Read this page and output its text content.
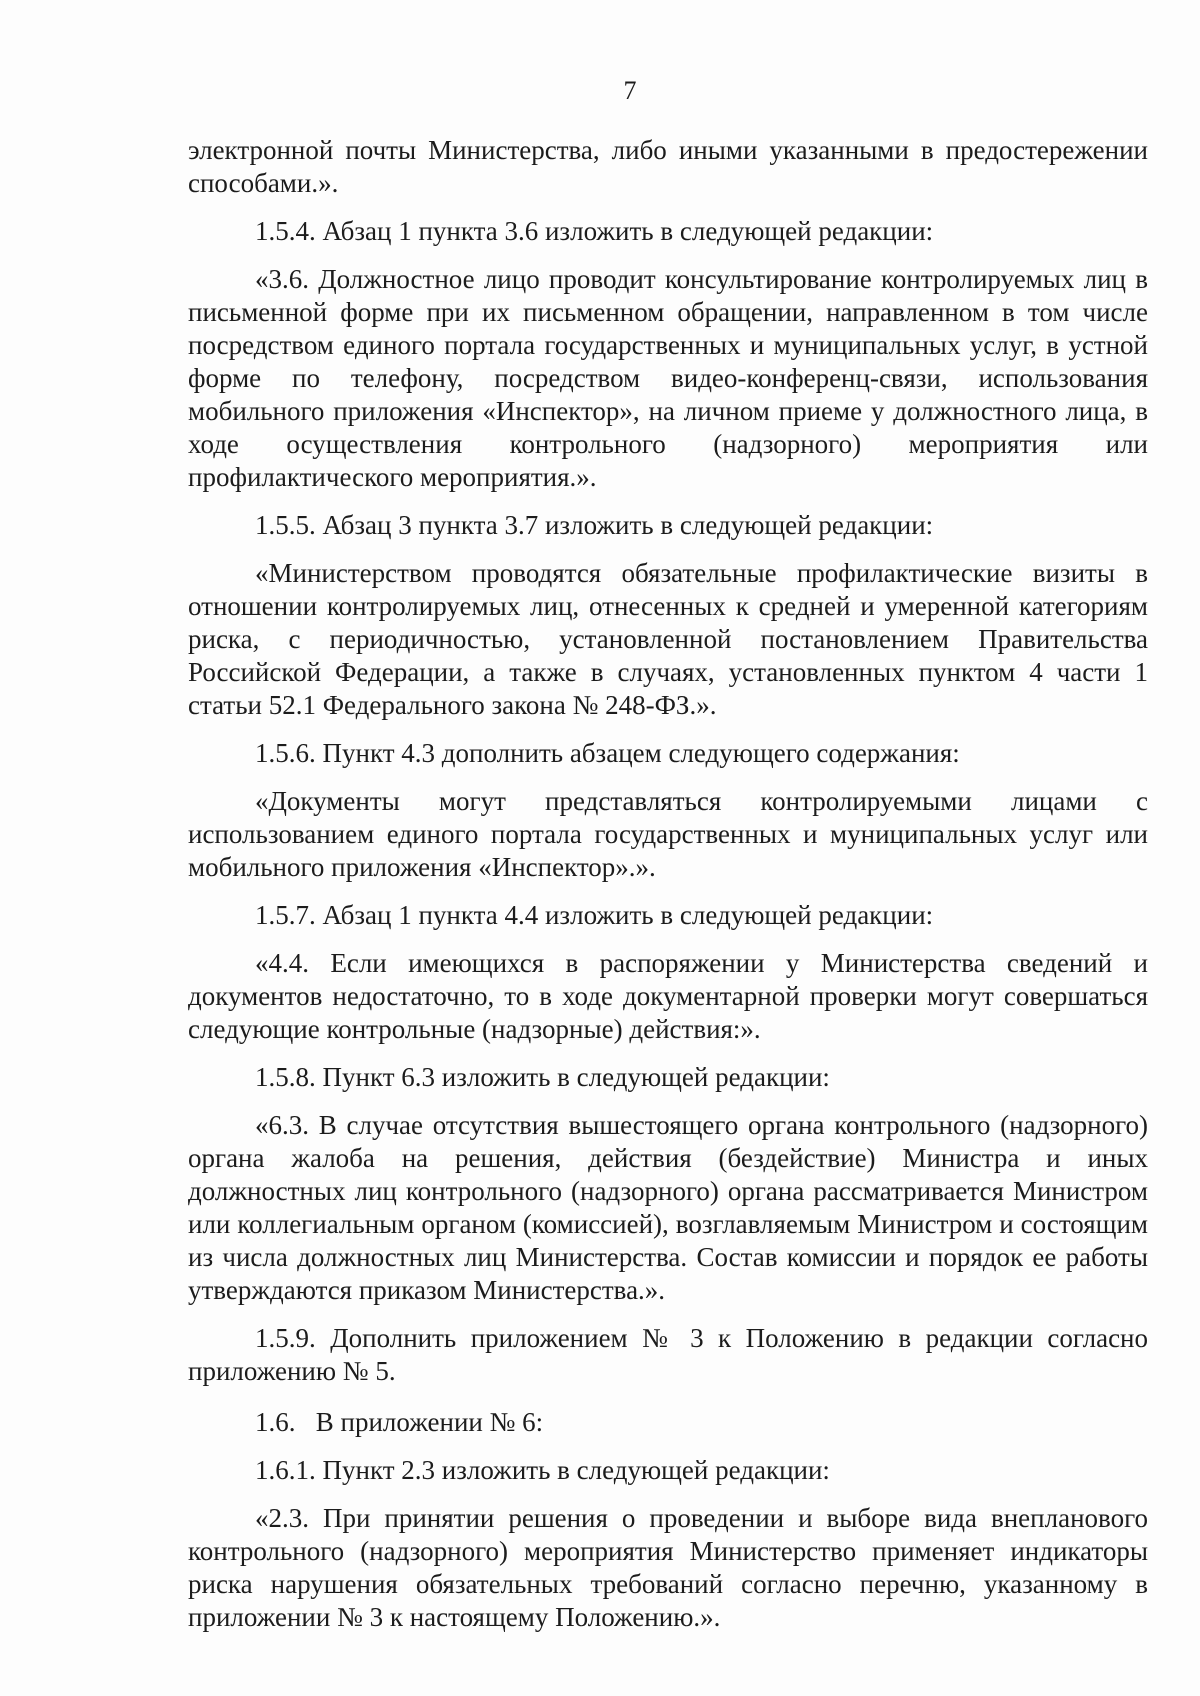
7

электронной почты Министерства, либо иными указанными в предостережении способами.».

1.5.4. Абзац 1 пункта 3.6 изложить в следующей редакции:

«3.6. Должностное лицо проводит консультирование контролируемых лиц в письменной форме при их письменном обращении, направленном в том числе посредством единого портала государственных и муниципальных услуг, в устной форме по телефону, посредством видео-конференц-связи, использования мобильного приложения «Инспектор», на личном приеме у должностного лица, в ходе осуществления контрольного (надзорного) мероприятия или профилактического мероприятия.».

1.5.5. Абзац 3 пункта 3.7 изложить в следующей редакции:

«Министерством проводятся обязательные профилактические визиты в отношении контролируемых лиц, отнесенных к средней и умеренной категориям риска, с периодичностью, установленной постановлением Правительства Российской Федерации, а также в случаях, установленных пунктом 4 части 1 статьи 52.1 Федерального закона № 248-ФЗ.».

1.5.6. Пункт 4.3 дополнить абзацем следующего содержания:

«Документы могут представляться контролируемыми лицами с использованием единого портала государственных и муниципальных услуг или мобильного приложения «Инспектор».».

1.5.7. Абзац 1 пункта 4.4 изложить в следующей редакции:

«4.4. Если имеющихся в распоряжении у Министерства сведений и документов недостаточно, то в ходе документарной проверки могут совершаться следующие контрольные (надзорные) действия:».

1.5.8. Пункт 6.3 изложить в следующей редакции:

«6.3. В случае отсутствия вышестоящего органа контрольного (надзорного) органа жалоба на решения, действия (бездействие) Министра и иных должностных лиц контрольного (надзорного) органа рассматривается Министром или коллегиальным органом (комиссией), возглавляемым Министром и состоящим из числа должностных лиц Министерства. Состав комиссии и порядок ее работы утверждаются приказом Министерства.».

1.5.9. Дополнить приложением № 3 к Положению в редакции согласно приложению № 5.

1.6.   В приложении № 6:

1.6.1. Пункт 2.3 изложить в следующей редакции:

«2.3. При принятии решения о проведении и выборе вида внепланового контрольного (надзорного) мероприятия Министерство применяет индикаторы риска нарушения обязательных требований согласно перечню, указанному в приложении № 3 к настоящему Положению.».
